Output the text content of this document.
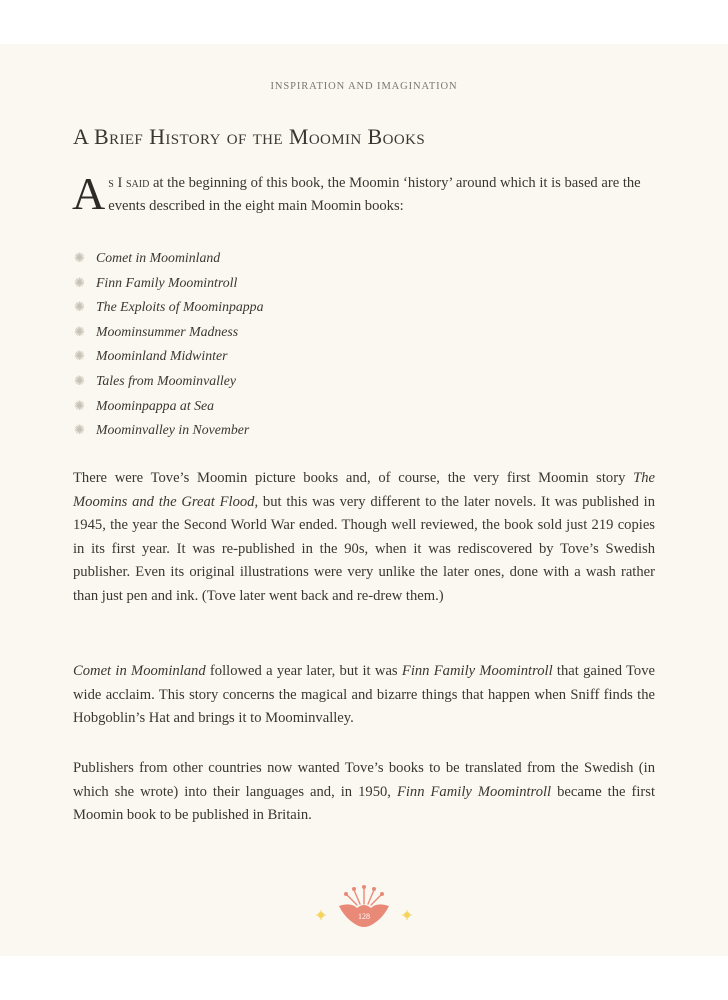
INSPIRATION AND IMAGINATION
A Brief History of the Moomin Books

As I said at the beginning of this book, the Moomin ‘history’ around which it is based are the events described in the eight main Moomin books:

✺ Comet in Moominland
✺ Finn Family Moomintroll
✺ The Exploits of Moominpappa
✺ Moominsummer Madness
✺ Moominland Midwinter
✺ Tales from Moominvalley
✺ Moominpappa at Sea
✺ Moominvalley in November

There were Tove’s Moomin picture books and, of course, the very first Moomin story The Moomins and the Great Flood, but this was very different to the later novels. It was published in 1945, the year the Second World War ended. Though well reviewed, the book sold just 219 copies in its first year. It was re-published in the 90s, when it was rediscovered by Tove’s Swedish publisher. Even its original illustrations were very unlike the later ones, done with a wash rather than just pen and ink. (Tove later went back and re-drew them.)

Comet in Moominland followed a year later, but it was Finn Family Moomintroll that gained Tove wide acclaim. This story concerns the magical and bizarre things that happen when Sniff finds the Hobgoblin’s Hat and brings it to Moominvalley.

Publishers from other countries now wanted Tove’s books to be translated from the Swedish (in which she wrote) into their languages and, in 1950, Finn Family Moomintroll became the first Moomin book to be published in Britain.

128
